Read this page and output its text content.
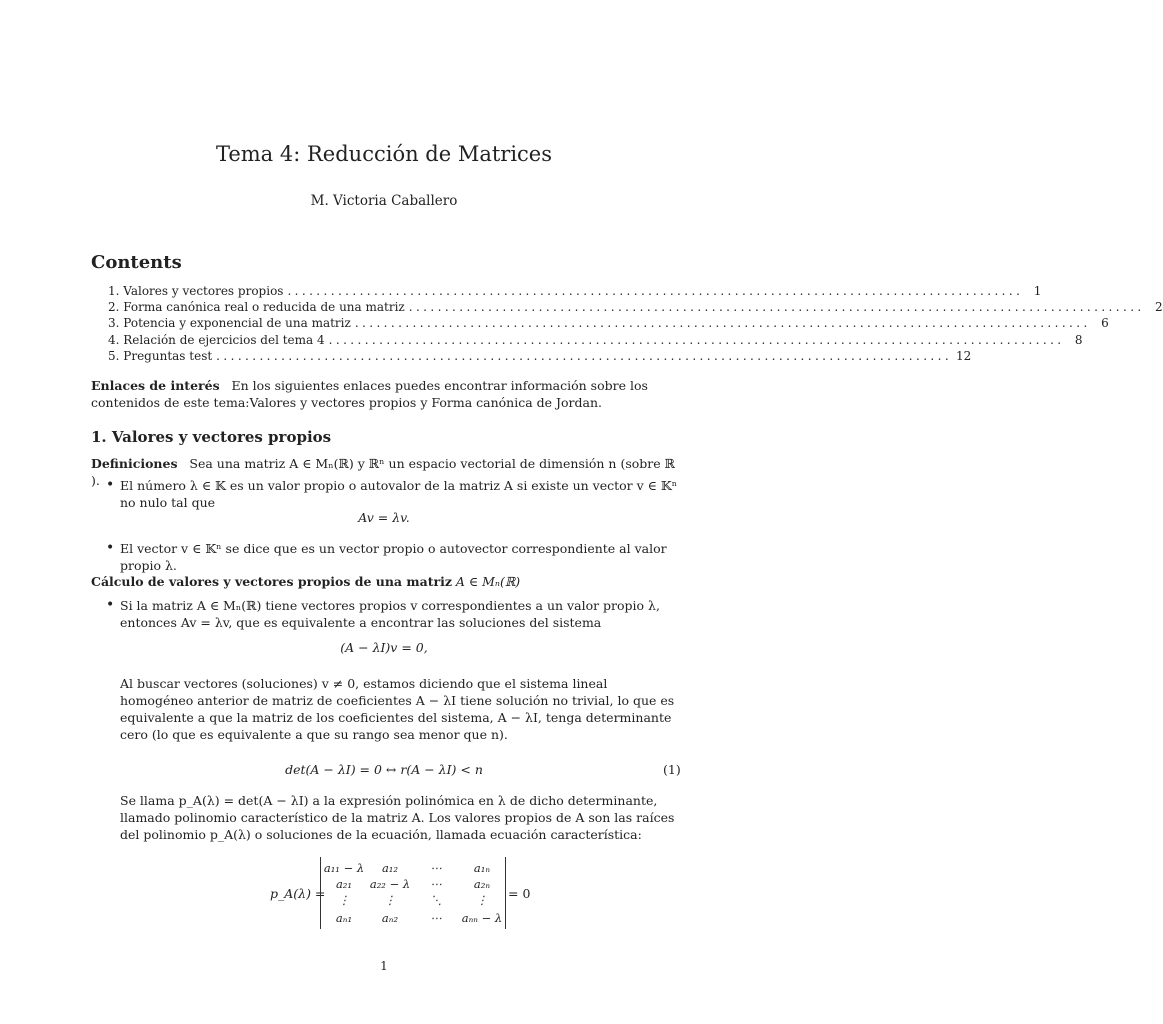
Tema 4: Reducción de Matrices
M. Victoria Caballero
Contents
1. Valores y vectores propios ...................................................................................................... 1
2. Forma canónica real o reducida de una matriz ...................................................................................................... 2
3. Potencia y exponencial de una matriz ...................................................................................................... 6
4. Relación de ejercicios del tema 4 ...................................................................................................... 8
5. Preguntas test ...................................................................................................... 12
Enlaces de interés En los siguientes enlaces puedes encontrar información sobre los contenidos de este tema:Valores y vectores propios y Forma canónica de Jordan.
1. Valores y vectores propios
Definiciones Sea una matriz A ∈ Mₙ(ℝ) y ℝⁿ un espacio vectorial de dimensión n (sobre ℝ ). • El número λ ∈ 𝕂 es un valor propio o autovalor de la matriz A si existe un vector v ∈ 𝕂ⁿ no nulo tal que
Av = λv.
• El vector v ∈ 𝕂ⁿ se dice que es un vector propio o autovector correspondiente al valor propio λ.
Cálculo de valores y vectores propios de una matriz A ∈ Mₙ(ℝ)
• Si la matriz A ∈ Mₙ(ℝ) tiene vectores propios v correspondientes a un valor propio λ, entonces Av = λv, que es equivalente a encontrar las soluciones del sistema
(A − λI)v = 0,
Al buscar vectores (soluciones) v ≠ 0, estamos diciendo que el sistema lineal homogéneo anterior de matriz de coeficientes A − λI tiene solución no trivial, lo que es equivalente a que la matriz de los coeficientes del sistema, A − λI, tenga determinante cero (lo que es equivalente a que su rango sea menor que n).
det(A − λI) = 0 ↔ r(A − λI) < n	(1)
Se llama p_A(λ) = det(A − λI) a la expresión polinómica en λ de dicho determinante, llamado polinomio característico de la matriz A. Los valores propios de A son las raíces del polinomio p_A(λ) o soluciones de la ecuación, llamada ecuación característica:
p_A(λ) =
a₁₁ − λ	a₁₂	⋯	a₁ₙ
a₂₁	a₂₂ − λ	⋯	a₂ₙ
⋮	⋮	⋱	⋮
aₙ₁	aₙ₂	⋯	aₙₙ − λ
= 0
1
